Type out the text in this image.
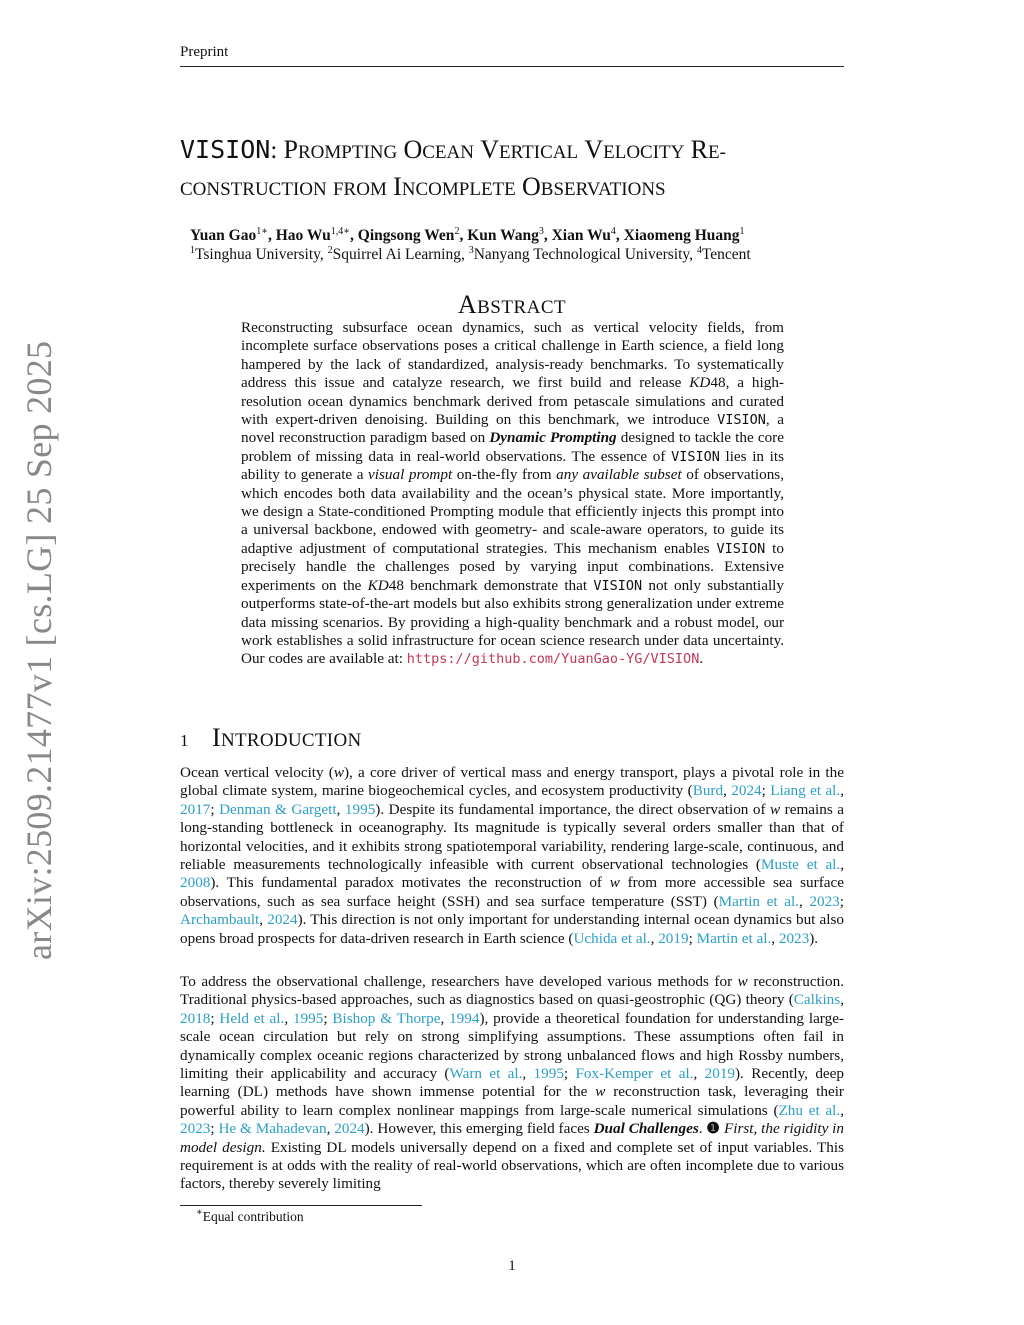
Preprint
arXiv:2509.21477v1 [cs.LG] 25 Sep 2025
VISION: PROMPTING OCEAN VERTICAL VELOCITY RE-
CONSTRUCTION FROM INCOMPLETE OBSERVATIONS
Yuan Gao$^{1∗}$, Hao $Wu^{1,4∗}$, Qingsong Wen$^2$, Kun Wang$^3$, Xian Wu$^4$, Xiaomeng Huang$^1$
$^1$Tsinghua University, $^2$Squirrel Ai Learning, $^3$Nanyang Technological University, $^4$Tencent
ABSTRACT
Reconstructing subsurface ocean dynamics, such as vertical velocity fields, from incomplete surface observations poses a critical challenge in Earth science, a field long hampered by the lack of standardized, analysis-ready benchmarks. To systematically address this issue and catalyze research, we first build and release KD48, a high-resolution ocean dynamics benchmark derived from petascale simulations and curated with expert-driven denoising. Building on this benchmark, we introduce VISION, a novel reconstruction paradigm based on Dynamic Prompting designed to tackle the core problem of missing data in real-world observations. The essence of VISION lies in its ability to generate a visual prompt on-the-fly from any available subset of observations, which encodes both data availability and the ocean’s physical state. More importantly, we design a State-conditioned Prompting module that efficiently injects this prompt into a universal backbone, endowed with geometry- and scale-aware operators, to guide its adaptive adjustment of computational strategies. This mechanism enables VISION to precisely handle the challenges posed by varying input combinations. Extensive experiments on the KD48 benchmark demonstrate that VISION not only substantially outperforms state-of-the-art models but also exhibits strong generalization under extreme data missing scenarios. By providing a high-quality benchmark and a robust model, our work establishes a solid infrastructure for ocean science research under data uncertainty. Our codes are available at: https://github.com/YuanGao-YG/VISION.
1 INTRODUCTION
Ocean vertical velocity (w), a core driver of vertical mass and energy transport, plays a pivotal role in the global climate system, marine biogeochemical cycles, and ecosystem productivity (Burd, 2024; Liang et al., 2017; Denman & Gargett, 1995). Despite its fundamental importance, the direct observation of w remains a long-standing bottleneck in oceanography. Its magnitude is typically several orders smaller than that of horizontal velocities, and it exhibits strong spatiotemporal variability, rendering large-scale, continuous, and reliable measurements technologically infeasible with current observational technologies (Muste et al., 2008). This fundamental paradox motivates the reconstruction of w from more accessible sea surface observations, such as sea surface height (SSH) and sea surface temperature (SST) (Martin et al., 2023; Archambault, 2024). This direction is not only important for understanding internal ocean dynamics but also opens broad prospects for data-driven research in Earth science (Uchida et al., 2019; Martin et al., 2023).
To address the observational challenge, researchers have developed various methods for w reconstruction. Traditional physics-based approaches, such as diagnostics based on quasi-geostrophic (QG) theory (Calkins, 2018; Held et al., 1995; Bishop & Thorpe, 1994), provide a theoretical foundation for understanding large-scale ocean circulation but rely on strong simplifying assumptions. These assumptions often fail in dynamically complex oceanic regions characterized by strong unbalanced flows and high Rossby numbers, limiting their applicability and accuracy (Warn et al., 1995; Fox-Kemper et al., 2019). Recently, deep learning (DL) methods have shown immense potential for the w reconstruction task, leveraging their powerful ability to learn complex nonlinear mappings from large-scale numerical simulations (Zhu et al., 2023; He & Mahadevan, 2024). However, this emerging field faces Dual Challenges. ❶ First, the rigidity in model design. Existing DL models universally depend on a fixed and complete set of input variables. This requirement is at odds with the reality of real-world observations, which are often incomplete due to various factors, thereby severely limiting
∗Equal contribution
1
